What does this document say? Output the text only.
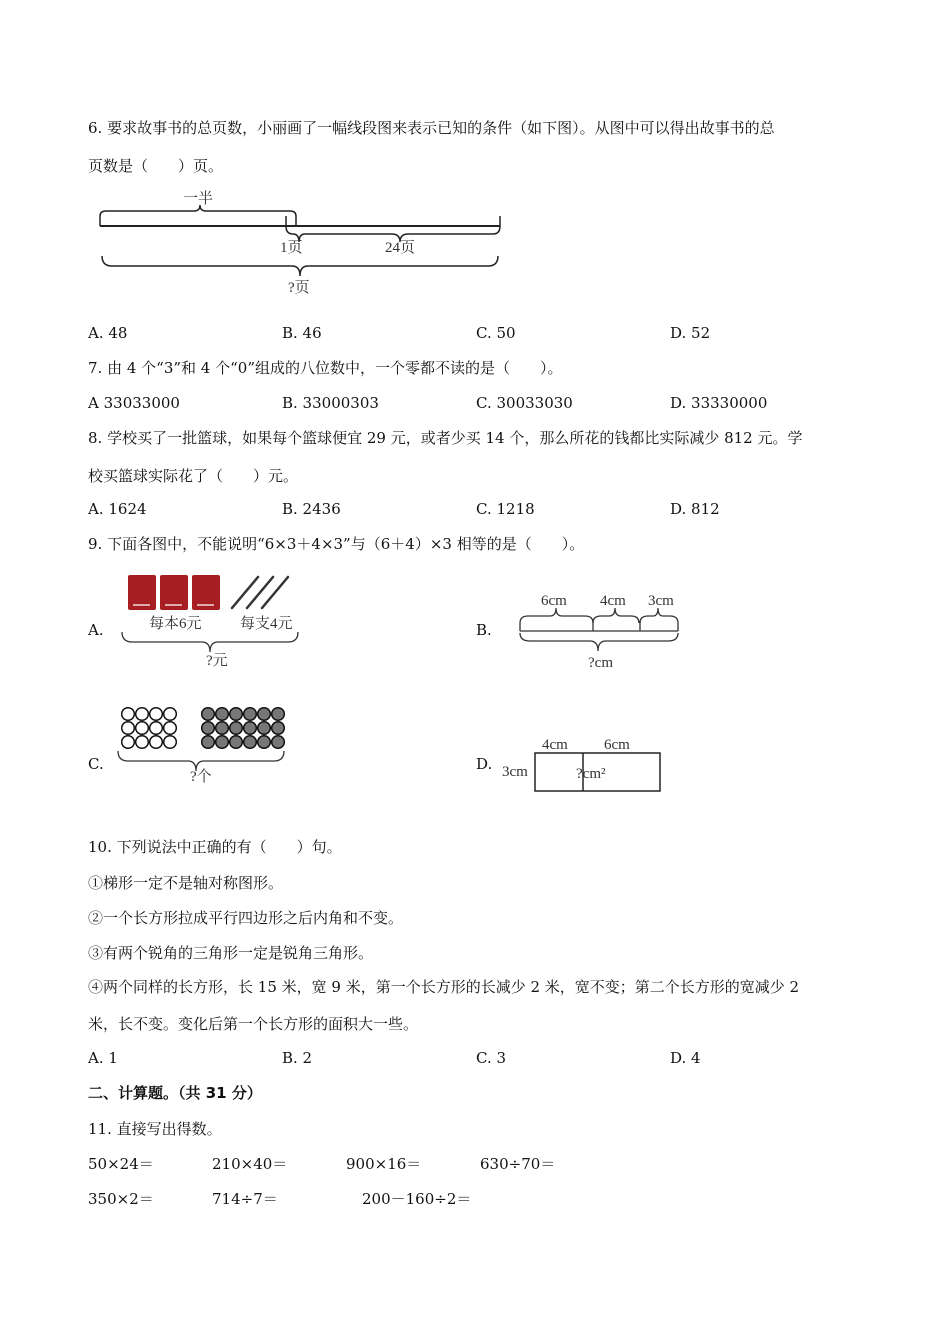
6. 要求故事书的总页数，小丽画了一幅线段图来表示已知的条件（如下图）。从图中可以得出故事书的总
页数是（　　）页。
一半
1页	24页
?页
A. 48	B. 46	C. 50	D. 52
7. 由 4 个“3”和 4 个“0”组成的八位数中，一个零都不读的是（　　）。
A 33033000	B. 33000303	C. 30033030	D. 33330000
8. 学校买了一批篮球，如果每个篮球便宜 29 元，或者少买 14 个，那么所花的钱都比实际减少 812 元。学
校买篮球实际花了（　　）元。
A. 1624	B. 2436	C. 1218	D. 812
9. 下面各图中，不能说明“6×3＋4×3”与（6＋4）×3 相等的是（　　）。
A.	B.
C.	D.
每本6元	每支4元
?元
6cm 4cm 3cm
?cm
?个
4cm 6cm
3cm	?cm²
10. 下列说法中正确的有（　　）句。
①梯形一定不是轴对称图形。
②一个长方形拉成平行四边形之后内角和不变。
③有两个锐角的三角形一定是锐角三角形。
④两个同样的长方形，长 15 米，宽 9 米，第一个长方形的长减少 2 米，宽不变；第二个长方形的宽减少 2
米，长不变。变化后第一个长方形的面积大一些。
A. 1	B. 2	C. 3	D. 4
二、计算题。（共 31 分）
11. 直接写出得数。
50×24＝	210×40＝	900×16＝	630÷70＝
350×2＝	714÷7＝	200－160÷2＝
